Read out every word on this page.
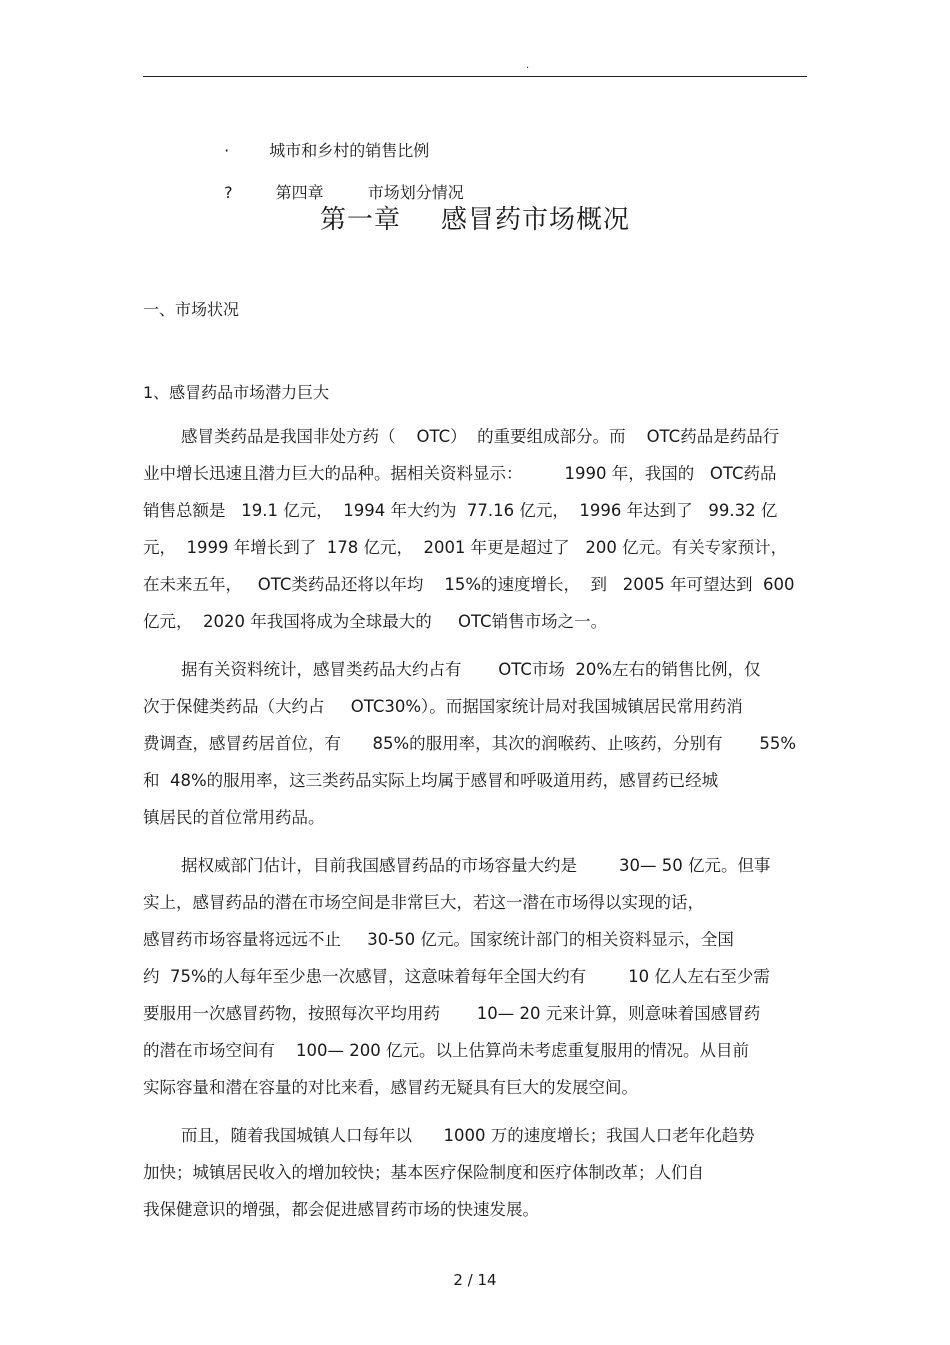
.

·	城市和乡村的销售比例

?	第四章	市场划分情况

第一章 感冒药市场概况
一、市场状况
1、感冒药品市场潜力巨大
感冒类药品是我国非处方药（    OTC）  的重要组成部分。而    OTC药品是药品行
业中增长迅速且潜力巨大的品种。据相关资料显示：        1990 年，我国的   OTC药品
销售总额是   19.1 亿元，  1994 年大约为  77.16 亿元，  1996 年达到了   99.32 亿
元，  1999 年增长到了  178 亿元，  2001 年更是超过了   200 亿元。有关专家预计，
在未来五年，   OTC类药品还将以年均    15%的速度增长，  到   2005 年可望达到  600
亿元，  2020 年我国将成为全球最大的     OTC销售市场之一。
据有关资料统计，感冒类药品大约占有       OTC市场  20%左右的销售比例，仅
次于保健类药品（大约占     OTC30%）。而据国家统计局对我国城镇居民常用药消
费调查，感冒药居首位，有      85%的服用率，其次的润喉药、止咳药，分别有       55%
和  48%的服用率，这三类药品实际上均属于感冒和呼吸道用药，感冒药已经城
镇居民的首位常用药品。
据权威部门估计，目前我国感冒药品的市场容量大约是        30— 50 亿元。但事
实上，感冒药品的潜在市场空间是非常巨大，若这一潜在市场得以实现的话，
感冒药市场容量将远远不止     30-50 亿元。国家统计部门的相关资料显示，全国
约  75%的人每年至少患一次感冒，这意味着每年全国大约有        10 亿人左右至少需
要服用一次感冒药物，按照每次平均用药       10— 20 元来计算，则意味着国感冒药
的潜在市场空间有    100— 200 亿元。以上估算尚未考虑重复服用的情况。从目前
实际容量和潜在容量的对比来看，感冒药无疑具有巨大的发展空间。
而且，随着我国城镇人口每年以      1000 万的速度增长；我国人口老年化趋势
加快；城镇居民收入的增加较快；基本医疗保险制度和医疗体制改革；人们自
我保健意识的增强，都会促进感冒药市场的快速发展。
2 / 14
